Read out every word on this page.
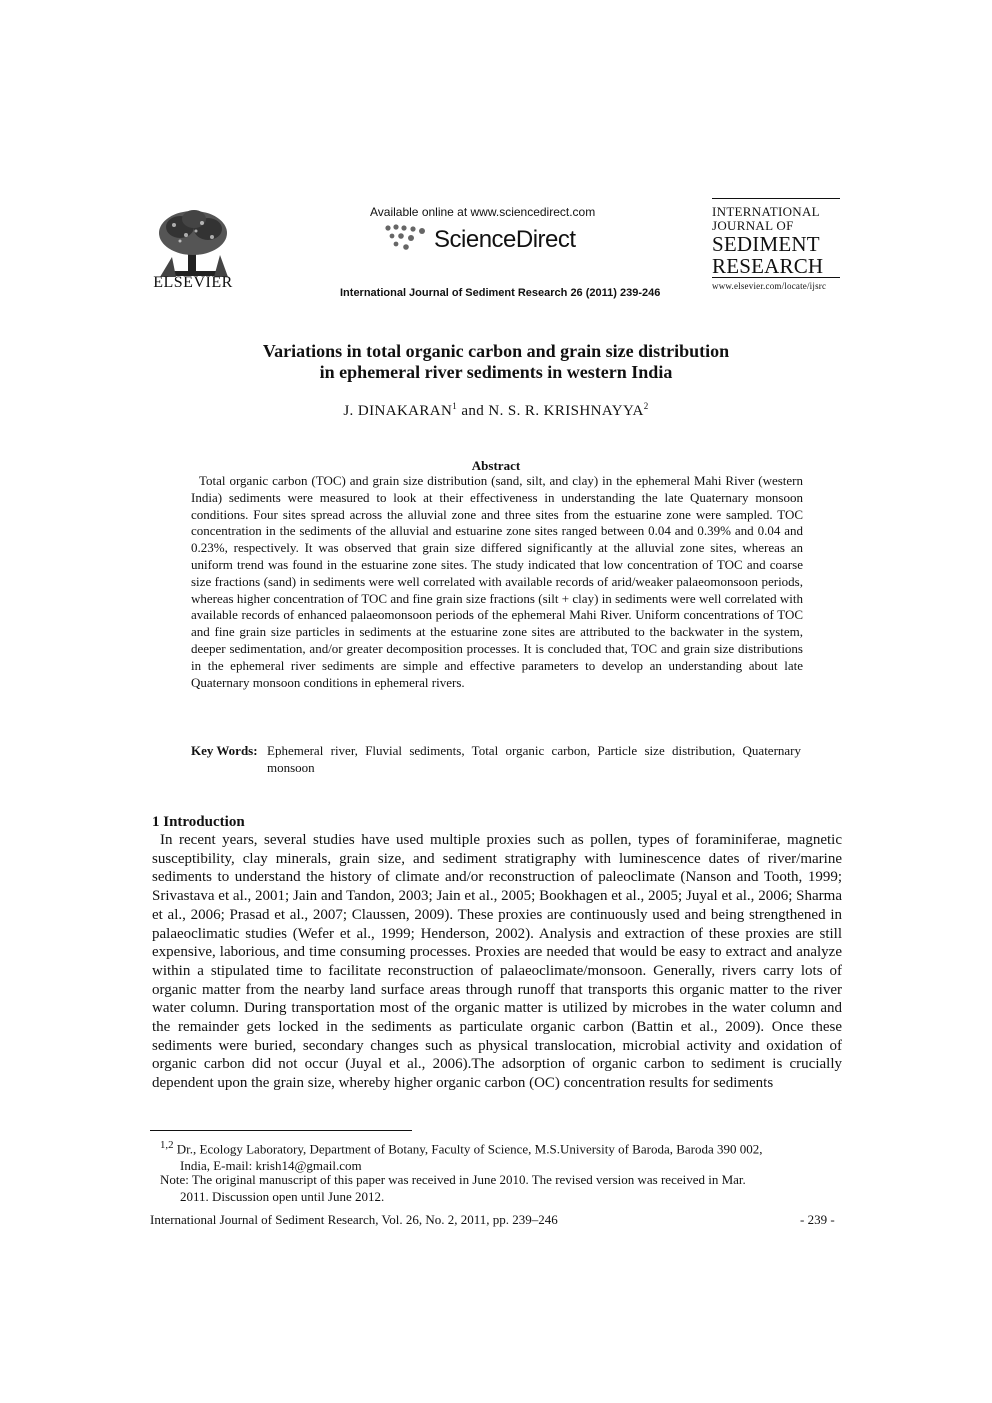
ELSEVIER
Available online at www.sciencedirect.com
ScienceDirect
International Journal of Sediment Research 26 (2011) 239-246
INTERNATIONAL
JOURNAL OF
SEDIMENT
RESEARCH
www.elsevier.com/locate/ijsrc
Variations in total organic carbon and grain size distribution
in ephemeral river sediments in western India
J. DINAKARAN$^1$ and N. S. R. KRISHNAYYA$^2$
Abstract
Total organic carbon (TOC) and grain size distribution (sand, silt, and clay) in the ephemeral Mahi River (western India) sediments were measured to look at their effectiveness in understanding the late Quaternary monsoon conditions. Four sites spread across the alluvial zone and three sites from the estuarine zone were sampled. TOC concentration in the sediments of the alluvial and estuarine zone sites ranged between 0.04 and 0.39% and 0.04 and 0.23%, respectively. It was observed that grain size differed significantly at the alluvial zone sites, whereas an uniform trend was found in the estuarine zone sites. The study indicated that low concentration of TOC and coarse size fractions (sand) in sediments were well correlated with available records of arid/weaker palaeomonsoon periods, whereas higher concentration of TOC and fine grain size fractions (silt + clay) in sediments were well correlated with available records of enhanced palaeomonsoon periods of the ephemeral Mahi River. Uniform concentrations of TOC and fine grain size particles in sediments at the estuarine zone sites are attributed to the backwater in the system, deeper sedimentation, and/or greater decomposition processes. It is concluded that, TOC and grain size distributions in the ephemeral river sediments are simple and effective parameters to develop an understanding about late Quaternary monsoon conditions in ephemeral rivers.
Key Words: Ephemeral river, Fluvial sediments, Total organic carbon, Particle size distribution, Quaternary monsoon
1 Introduction
In recent years, several studies have used multiple proxies such as pollen, types of foraminiferae, magnetic susceptibility, clay minerals, grain size, and sediment stratigraphy with luminescence dates of river/marine sediments to understand the history of climate and/or reconstruction of paleoclimate (Nanson and Tooth, 1999; Srivastava et al., 2001; Jain and Tandon, 2003; Jain et al., 2005; Bookhagen et al., 2005; Juyal et al., 2006; Sharma et al., 2006; Prasad et al., 2007; Claussen, 2009). These proxies are continuously used and being strengthened in palaeoclimatic studies (Wefer et al., 1999; Henderson, 2002). Analysis and extraction of these proxies are still expensive, laborious, and time consuming processes. Proxies are needed that would be easy to extract and analyze within a stipulated time to facilitate reconstruction of palaeoclimate/monsoon. Generally, rivers carry lots of organic matter from the nearby land surface areas through runoff that transports this organic matter to the river water column. During transportation most of the organic matter is utilized by microbes in the water column and the remainder gets locked in the sediments as particulate organic carbon (Battin et al., 2009). Once these sediments were buried, secondary changes such as physical translocation, microbial activity and oxidation of organic carbon did not occur (Juyal et al., 2006).The adsorption of organic carbon to sediment is crucially dependent upon the grain size, whereby higher organic carbon (OC) concentration results for sediments
$^{1,2}$ Dr., Ecology Laboratory, Department of Botany, Faculty of Science, M.S.University of Baroda, Baroda 390 002,
India, E-mail: krish14@gmail.com
Note: The original manuscript of this paper was received in June 2010. The revised version was received in Mar.
2011. Discussion open until June 2012.
International Journal of Sediment Research, Vol. 26, No. 2, 2011, pp. 239–246	- 239 -
